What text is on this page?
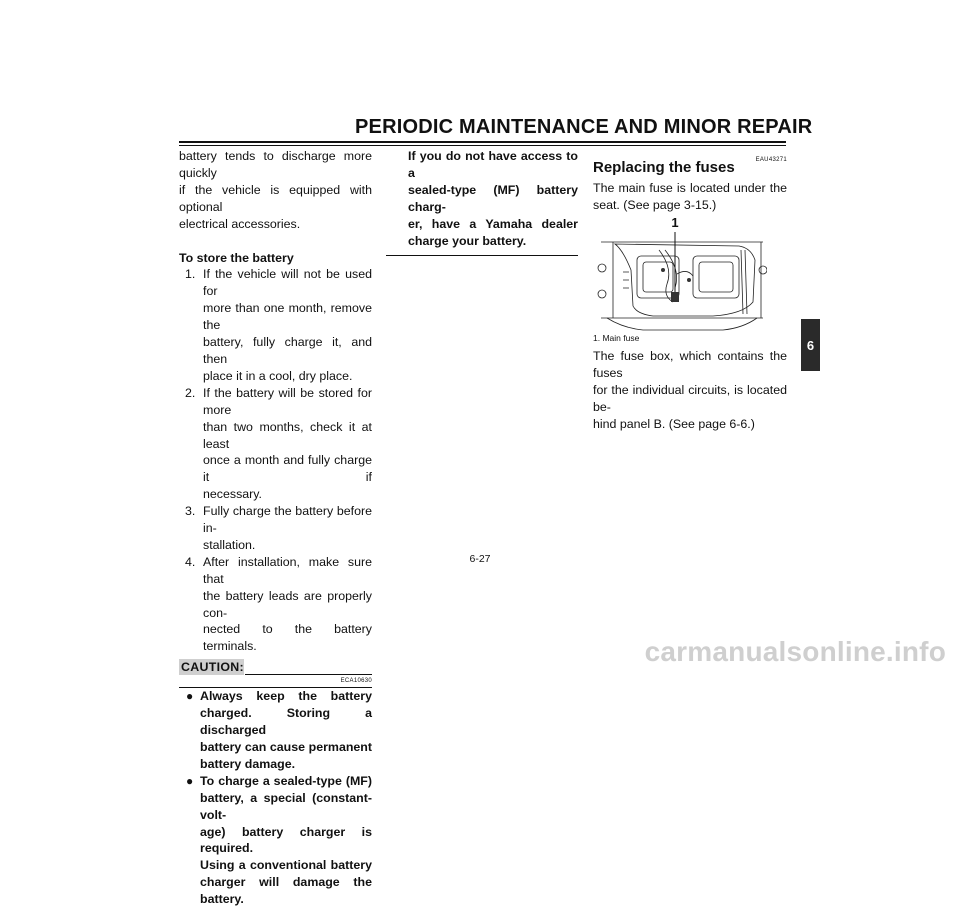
PERIODIC MAINTENANCE AND MINOR REPAIR

battery tends to discharge more quickly

if the vehicle is equipped with optional

electrical accessories.

To store the battery

1. If the vehicle will not be used for
more than one month, remove the
battery, fully charge it, and then
place it in a cool, dry place.
2. If the battery will be stored for more
than two months, check it at least
once a month and fully charge it if
necessary.
3. Fully charge the battery before in-
stallation.
4. After installation, make sure that
the battery leads are properly con-
nected to the battery terminals.
CAUTION:
ECA10630
● Always keep the battery
charged. Storing a discharged
battery can cause permanent
battery damage.
● To charge a sealed-type (MF)
battery, a special (constant-volt-
age) battery charger is required.
Using a conventional battery
charger will damage the battery.

If you do not have access to a

sealed-type (MF) battery charg-

er, have a Yamaha dealer

charge your battery.

EAU43271
Replacing the fuses

The main fuse is located under the

seat. (See page 3-15.)

1
1. Main fuse

The fuse box, which contains the fuses

for the individual circuits, is located be-

hind panel B. (See page 6-6.)

6
6-27
carmanualsonline.info
